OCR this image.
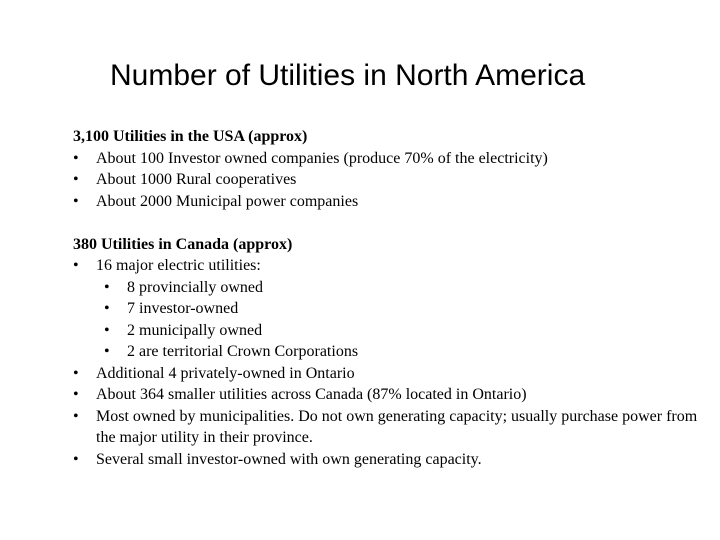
Number of Utilities in North America
3,100 Utilities in the USA (approx)
•	About 100 Investor owned companies (produce 70% of the electricity)
•	About 1000 Rural cooperatives
•	About 2000 Municipal power companies
380 Utilities in Canada (approx)
•	16 major electric utilities:
•	8 provincially owned
•	7 investor-owned
•	2 municipally owned
•	2 are territorial Crown Corporations
•	Additional 4 privately-owned in Ontario
•	About 364 smaller utilities across Canada (87% located in Ontario)
•	Most owned by municipalities. Do not own generating capacity; usually purchase power from the major utility in their province.
•	Several small investor-owned with own generating capacity.
